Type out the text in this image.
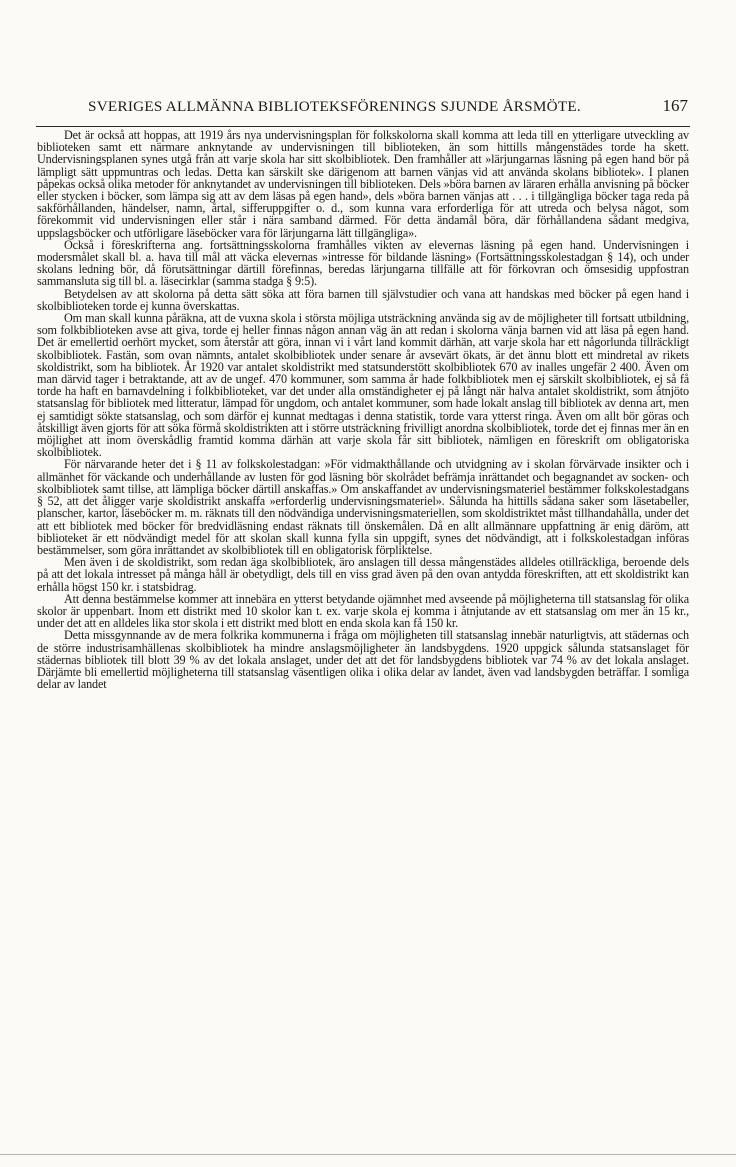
SVERIGES ALLMÄNNA BIBLIOTEKSFÖRENINGS SJUNDE ÅRSMÖTE.	167

Det är också att hoppas, att 1919 års nya undervisningsplan för folkskolorna skall komma att leda till en ytterligare utveckling av biblioteken samt ett närmare anknytande av undervisningen till biblioteken, än som hittills mångenstädes torde ha skett. Undervisningsplanen synes utgå från att varje skola har sitt skolbibliotek. Den framhåller att »lärjungarnas läsning på egen hand bör på lämpligt sätt uppmuntras och ledas. Detta kan särskilt ske därigenom att barnen vänjas vid att använda skolans bibliotek». I planen påpekas också olika metoder för anknytandet av undervisningen till biblioteken. Dels »böra barnen av läraren erhålla anvisning på böcker eller stycken i böcker, som lämpa sig att av dem läsas på egen hand», dels »böra barnen vänjas att . . . i tillgängliga böcker taga reda på sakförhållanden, händelser, namn, årtal, sifferuppgifter o. d., som kunna vara erforderliga för att utreda och belysa något, som förekommit vid undervisningen eller står i nära samband därmed. För detta ändamål böra, där förhållandena sådant medgiva, uppslagsböcker och utförligare läseböcker vara för lärjungarna lätt tillgängliga».

Också i föreskrifterna ang. fortsättningsskolorna framhålles vikten av elevernas läsning på egen hand. Undervisningen i modersmålet skall bl. a. hava till mål att väcka elevernas »intresse för bildande läsning» (Fortsättningsskolestadgan § 14), och under skolans ledning bör, då förutsättningar därtill förefinnas, beredas lärjungarna tillfälle att för förkovran och ömsesidig uppfostran sammansluta sig till bl. a. läsecirklar (samma stadga § 9:5).

Betydelsen av att skolorna på detta sätt söka att föra barnen till självstudier och vana att handskas med böcker på egen hand i skolbiblioteken torde ej kunna överskattas.

Om man skall kunna påräkna, att de vuxna skola i största möjliga utsträckning använda sig av de möjligheter till fortsatt utbildning, som folkbiblioteken avse att giva, torde ej heller finnas någon annan väg än att redan i skolorna vänja barnen vid att läsa på egen hand. Det är emellertid oerhört mycket, som återstår att göra, innan vi i vårt land kommit därhän, att varje skola har ett någorlunda tillräckligt skolbibliotek. Fastän, som ovan nämnts, antalet skolbibliotek under senare år avsevärt ökats, är det ännu blott ett mindretal av rikets skoldistrikt, som ha bibliotek. År 1920 var antalet skoldistrikt med statsunderstött skolbibliotek 670 av inalles ungefär 2 400. Även om man därvid tager i betraktande, att av de ungef. 470 kommuner, som samma år hade folkbibliotek men ej särskilt skolbibliotek, ej så få torde ha haft en barnavdelning i folkbiblioteket, var det under alla omständigheter ej på långt när halva antalet skoldistrikt, som åtnjöto statsanslag för bibliotek med litteratur, lämpad för ungdom, och antalet kommuner, som hade lokalt anslag till bibliotek av denna art, men ej samtidigt sökte statsanslag, och som därför ej kunnat medtagas i denna statistik, torde vara ytterst ringa. Även om allt bör göras och åtskilligt även gjorts för att söka förmå skoldistrikten att i större utsträckning frivilligt anordna skolbibliotek, torde det ej finnas mer än en möjlighet att inom överskådlig framtid komma därhän att varje skola får sitt bibliotek, nämligen en föreskrift om obligatoriska skolbibliotek.

För närvarande heter det i § 11 av folkskolestadgan: »För vidmakthållande och utvidgning av i skolan förvärvade insikter och i allmänhet för väckande och underhållande av lusten för god läsning bör skolrådet befrämja inrättandet och begagnandet av socken- och skolbibliotek samt tillse, att lämpliga böcker därtill anskaffas.» Om anskaffandet av undervisningsmateriel bestämmer folkskolestadgans § 52, att det åligger varje skoldistrikt anskaffa »erforderlig undervisningsmateriel». Sålunda ha hittills sådana saker som läsetabeller, planscher, kartor, läseböcker m. m. räknats till den nödvändiga undervisningsmateriellen, som skoldistriktet måst tillhandahålla, under det att ett bibliotek med böcker för bredvidläsning endast räknats till önskemålen. Då en allt allmännare uppfattning är enig däröm, att biblioteket är ett nödvändigt medel för att skolan skall kunna fylla sin uppgift, synes det nödvändigt, att i folkskolestadgan införas bestämmelser, som göra inrättandet av skolbibliotek till en obligatorisk förpliktelse.

Men även i de skoldistrikt, som redan äga skolbibliotek, äro anslagen till dessa mångenstädes alldeles otillräckliga, beroende dels på att det lokala intresset på många håll är obetydligt, dels till en viss grad även på den ovan antydda föreskriften, att ett skoldistrikt kan erhålla högst 150 kr. i statsbidrag.

Att denna bestämmelse kommer att innebära en ytterst betydande ojämnhet med avseende på möjligheterna till statsanslag för olika skolor är uppenbart. Inom ett distrikt med 10 skolor kan t. ex. varje skola ej komma i åtnjutande av ett statsanslag om mer än 15 kr., under det att en alldeles lika stor skola i ett distrikt med blott en enda skola kan få 150 kr.

Detta missgynnande av de mera folkrika kommunerna i fråga om möjligheten till statsanslag innebär naturligtvis, att städernas och de större industrisamhällenas skolbibliotek ha mindre anslagsmöjligheter än landsbygdens. 1920 uppgick sålunda statsanslaget för städernas bibliotek till blott 39 % av det lokala anslaget, under det att det för landsbygdens bibliotek var 74 % av det lokala anslaget. Därjämte bli emellertid möjligheterna till statsanslag väsentligen olika i olika delar av landet, även vad landsbygden beträffar. I somliga delar av landet
